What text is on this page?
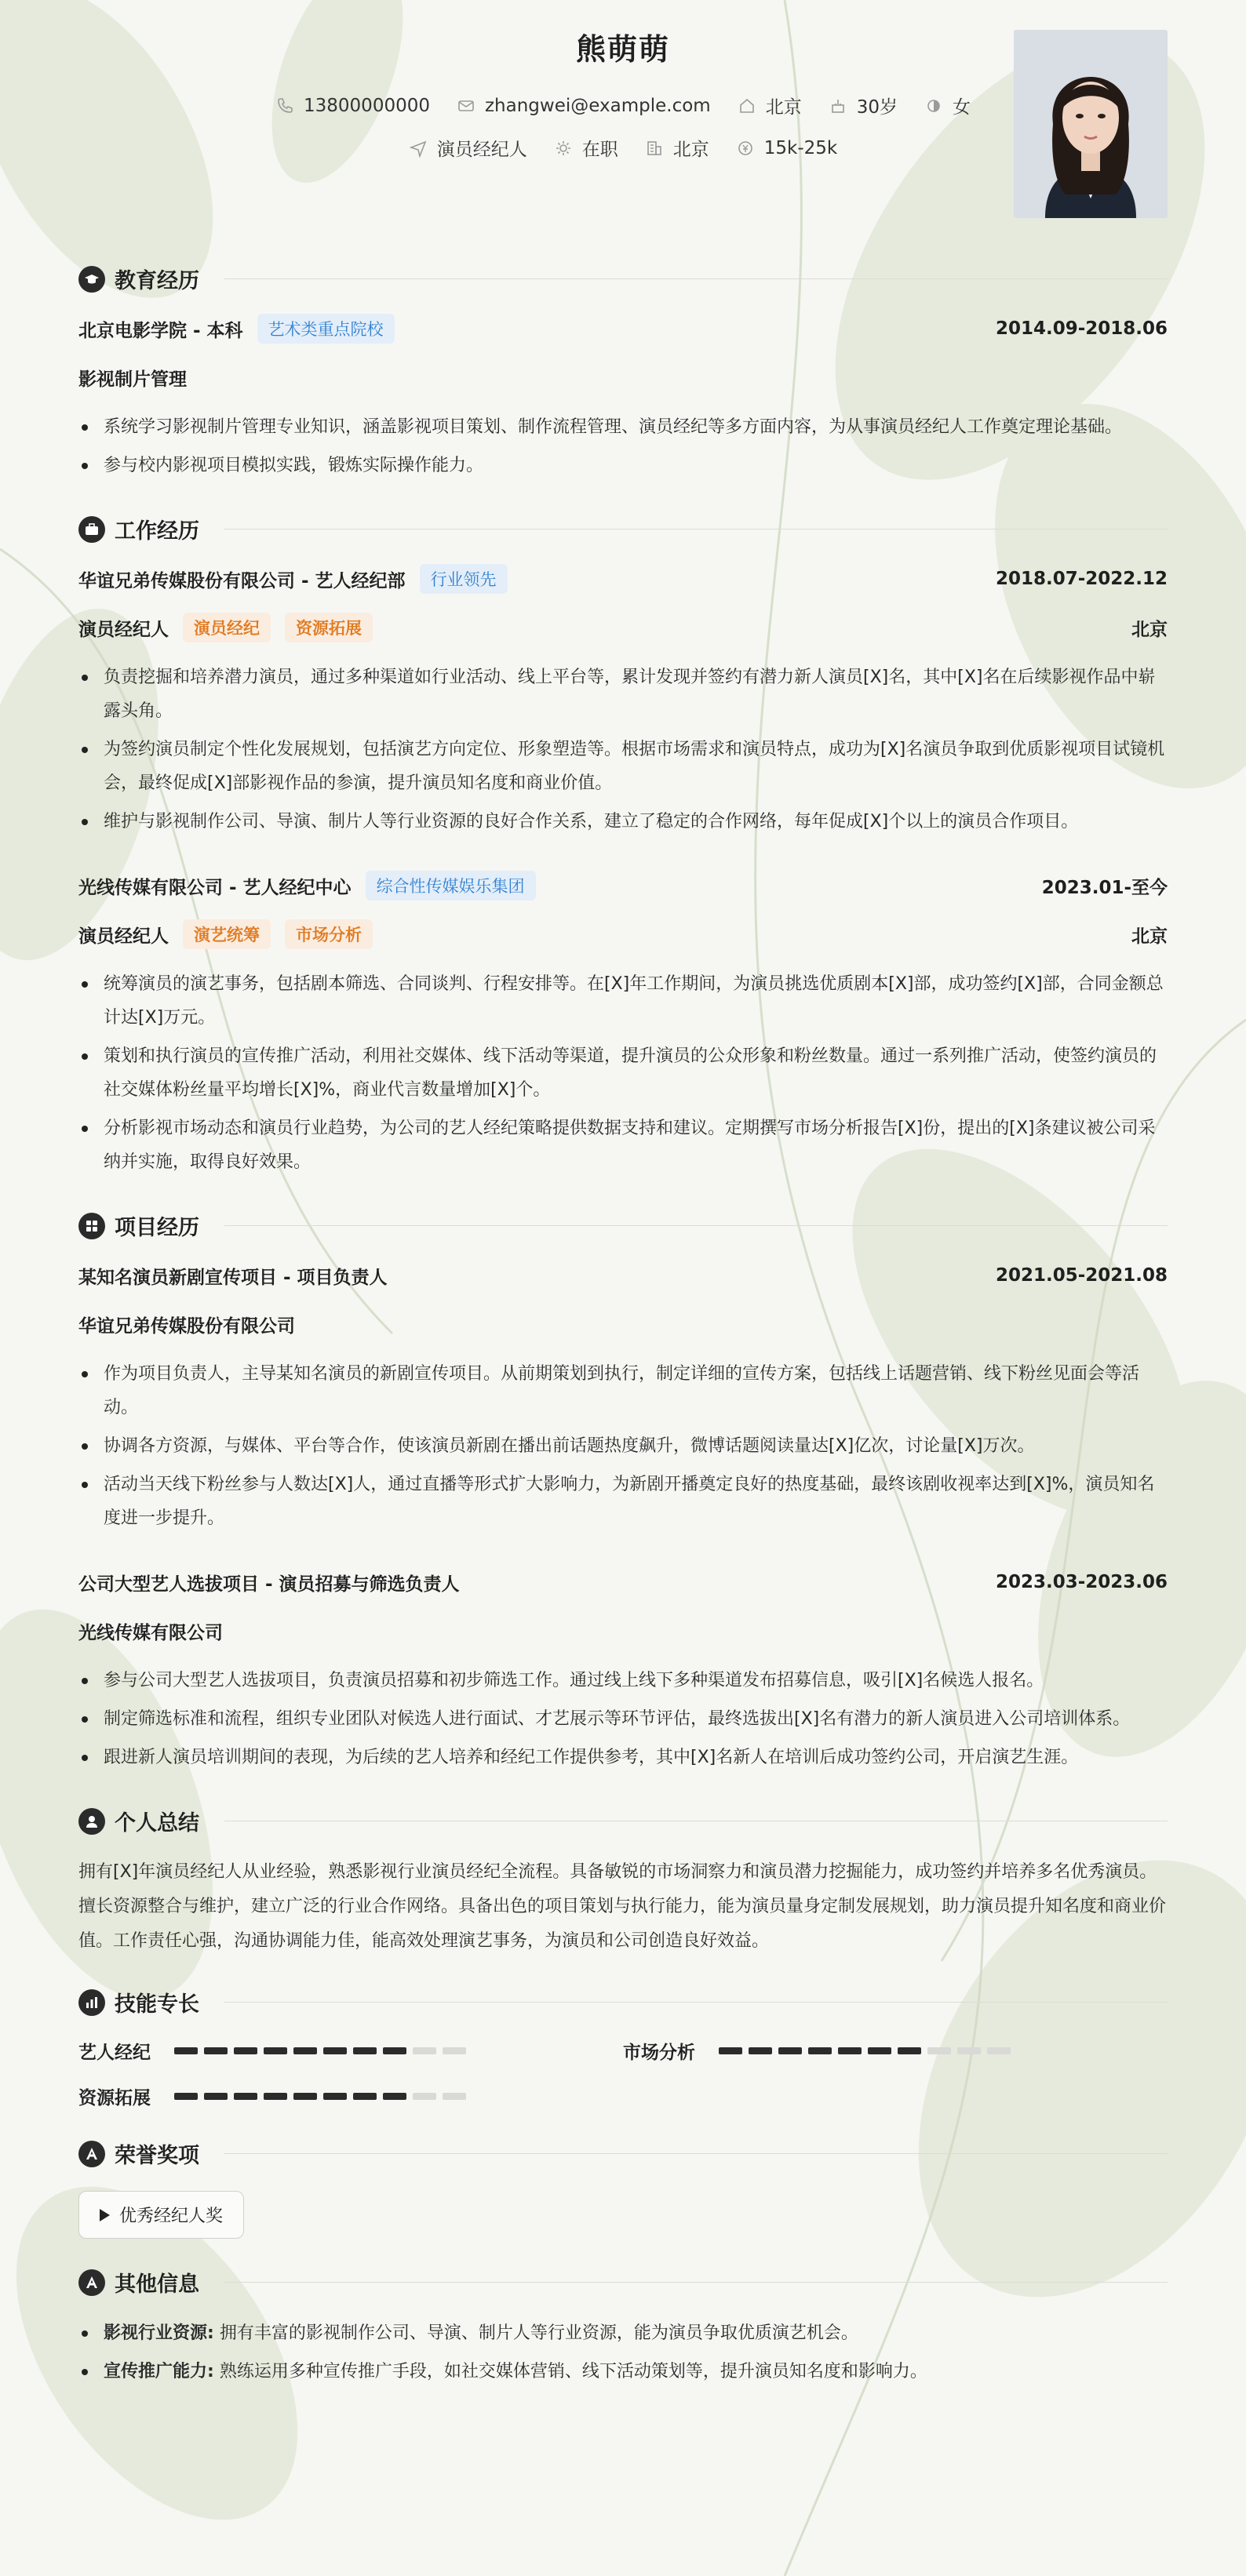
熊萌萌
13800000000	zhangwei@example.com	北京	30岁	女
演员经纪人	在职	北京	15k-25k
教育经历
北京电影学院 - 本科	艺术类重点院校	2014.09-2018.06
影视制片管理
系统学习影视制片管理专业知识，涵盖影视项目策划、制作流程管理、演员经纪等多方面内容，为从事演员经纪人工作奠定理论基础。
参与校内影视项目模拟实践，锻炼实际操作能力。
工作经历
华谊兄弟传媒股份有限公司 - 艺人经纪部	行业领先	2018.07-2022.12
演员经纪人	演员经纪	资源拓展	北京
负责挖掘和培养潜力演员，通过多种渠道如行业活动、线上平台等，累计发现并签约有潜力新人演员[X]名，其中[X]名在后续影视作品中崭露头角。
为签约演员制定个性化发展规划，包括演艺方向定位、形象塑造等。根据市场需求和演员特点，成功为[X]名演员争取到优质影视项目试镜机会，最终促成[X]部影视作品的参演，提升演员知名度和商业价值。
维护与影视制作公司、导演、制片人等行业资源的良好合作关系，建立了稳定的合作网络，每年促成[X]个以上的演员合作项目。
光线传媒有限公司 - 艺人经纪中心	综合性传媒娱乐集团	2023.01-至今
演员经纪人	演艺统筹	市场分析	北京
统筹演员的演艺事务，包括剧本筛选、合同谈判、行程安排等。在[X]年工作期间，为演员挑选优质剧本[X]部，成功签约[X]部，合同金额总计达[X]万元。
策划和执行演员的宣传推广活动，利用社交媒体、线下活动等渠道，提升演员的公众形象和粉丝数量。通过一系列推广活动，使签约演员的社交媒体粉丝量平均增长[X]%，商业代言数量增加[X]个。
分析影视市场动态和演员行业趋势，为公司的艺人经纪策略提供数据支持和建议。定期撰写市场分析报告[X]份，提出的[X]条建议被公司采纳并实施，取得良好效果。
项目经历
某知名演员新剧宣传项目 - 项目负责人	2021.05-2021.08
华谊兄弟传媒股份有限公司
作为项目负责人，主导某知名演员的新剧宣传项目。从前期策划到执行，制定详细的宣传方案，包括线上话题营销、线下粉丝见面会等活动。
协调各方资源，与媒体、平台等合作，使该演员新剧在播出前话题热度飙升，微博话题阅读量达[X]亿次，讨论量[X]万次。
活动当天线下粉丝参与人数达[X]人，通过直播等形式扩大影响力，为新剧开播奠定良好的热度基础，最终该剧收视率达到[X]%，演员知名度进一步提升。
公司大型艺人选拔项目 - 演员招募与筛选负责人	2023.03-2023.06
光线传媒有限公司
参与公司大型艺人选拔项目，负责演员招募和初步筛选工作。通过线上线下多种渠道发布招募信息，吸引[X]名候选人报名。
制定筛选标准和流程，组织专业团队对候选人进行面试、才艺展示等环节评估，最终选拔出[X]名有潜力的新人演员进入公司培训体系。
跟进新人演员培训期间的表现，为后续的艺人培养和经纪工作提供参考，其中[X]名新人在培训后成功签约公司，开启演艺生涯。
个人总结

拥有[X]年演员经纪人从业经验，熟悉影视行业演员经纪全流程。具备敏锐的市场洞察力和演员潜力挖掘能力，成功签约并培养多名优秀演员。擅长资源整合与维护，建立广泛的行业合作网络。具备出色的项目策划与执行能力，能为演员量身定制发展规划，助力演员提升知名度和商业价值。工作责任心强，沟通协调能力佳，能高效处理演艺事务，为演员和公司创造良好效益。

技能专长
艺人经纪	市场分析
资源拓展
荣誉奖项
优秀经纪人奖
其他信息
影视行业资源: 拥有丰富的影视制作公司、导演、制片人等行业资源，能为演员争取优质演艺机会。
宣传推广能力: 熟练运用多种宣传推广手段，如社交媒体营销、线下活动策划等，提升演员知名度和影响力。
